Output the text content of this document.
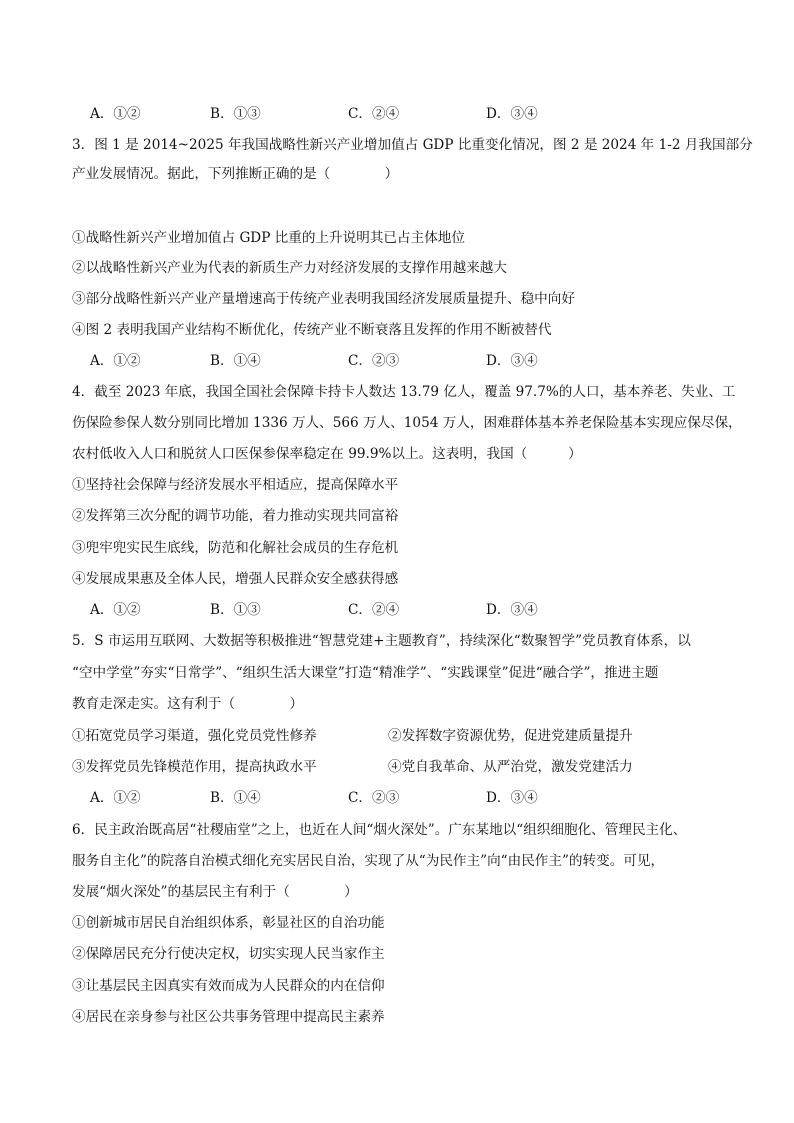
A．①②	B．①③	C．②④	D．③④
3．图 1 是 2014~2025 年我国战略性新兴产业增加值占 GDP 比重变化情况，图 2 是 2024 年 1-2 月我国部分
产业发展情况。据此，下列推断正确的是（　　　　）
①战略性新兴产业增加值占 GDP 比重的上升说明其已占主体地位
②以战略性新兴产业为代表的新质生产力对经济发展的支撑作用越来越大
③部分战略性新兴产业产量增速高于传统产业表明我国经济发展质量提升、稳中向好
④图 2 表明我国产业结构不断优化，传统产业不断衰落且发挥的作用不断被替代
A．①②	B．①④	C．②③	D．③④
4．截至 2023 年底，我国全国社会保障卡持卡人数达 13.79 亿人，覆盖 97.7%的人口，基本养老、失业、工
伤保险参保人数分别同比增加 1336 万人、566 万人、1054 万人，困难群体基本养老保险基本实现应保尽保，
农村低收入人口和脱贫人口医保参保率稳定在 99.9%以上。这表明，我国（　　　）
①坚持社会保障与经济发展水平相适应，提高保障水平
②发挥第三次分配的调节功能，着力推动实现共同富裕
③兜牢兜实民生底线，防范和化解社会成员的生存危机
④发展成果惠及全体人民，增强人民群众安全感获得感
A．①②	B．①③	C．②④	D．③④
5．S 市运用互联网、大数据等积极推进“智慧党建+主题教育”，持续深化“数聚智学”党员教育体系，以
“空中学堂”夯实“日常学”、“组织生活大课堂”打造“精准学”、“实践课堂”促进“融合学”，推进主题
教育走深走实。这有利于（　　　　）
①拓宽党员学习渠道，强化党员党性修养	②发挥数字资源优势，促进党建质量提升
③发挥党员先锋模范作用，提高执政水平	④党自我革命、从严治党，激发党建活力
A．①②	B．①④	C．②③	D．③④
6．民主政治既高居“社稷庙堂”之上，也近在人间“烟火深处”。广东某地以“组织细胞化、管理民主化、
服务自主化”的院落自治模式细化充实居民自治，实现了从“为民作主”向“由民作主”的转变。可见，
发展“烟火深处”的基层民主有利于（　　　　）
①创新城市居民自治组织体系，彰显社区的自治功能
②保障居民充分行使决定权，切实实现人民当家作主
③让基层民主因真实有效而成为人民群众的内在信仰
④居民在亲身参与社区公共事务管理中提高民主素养
